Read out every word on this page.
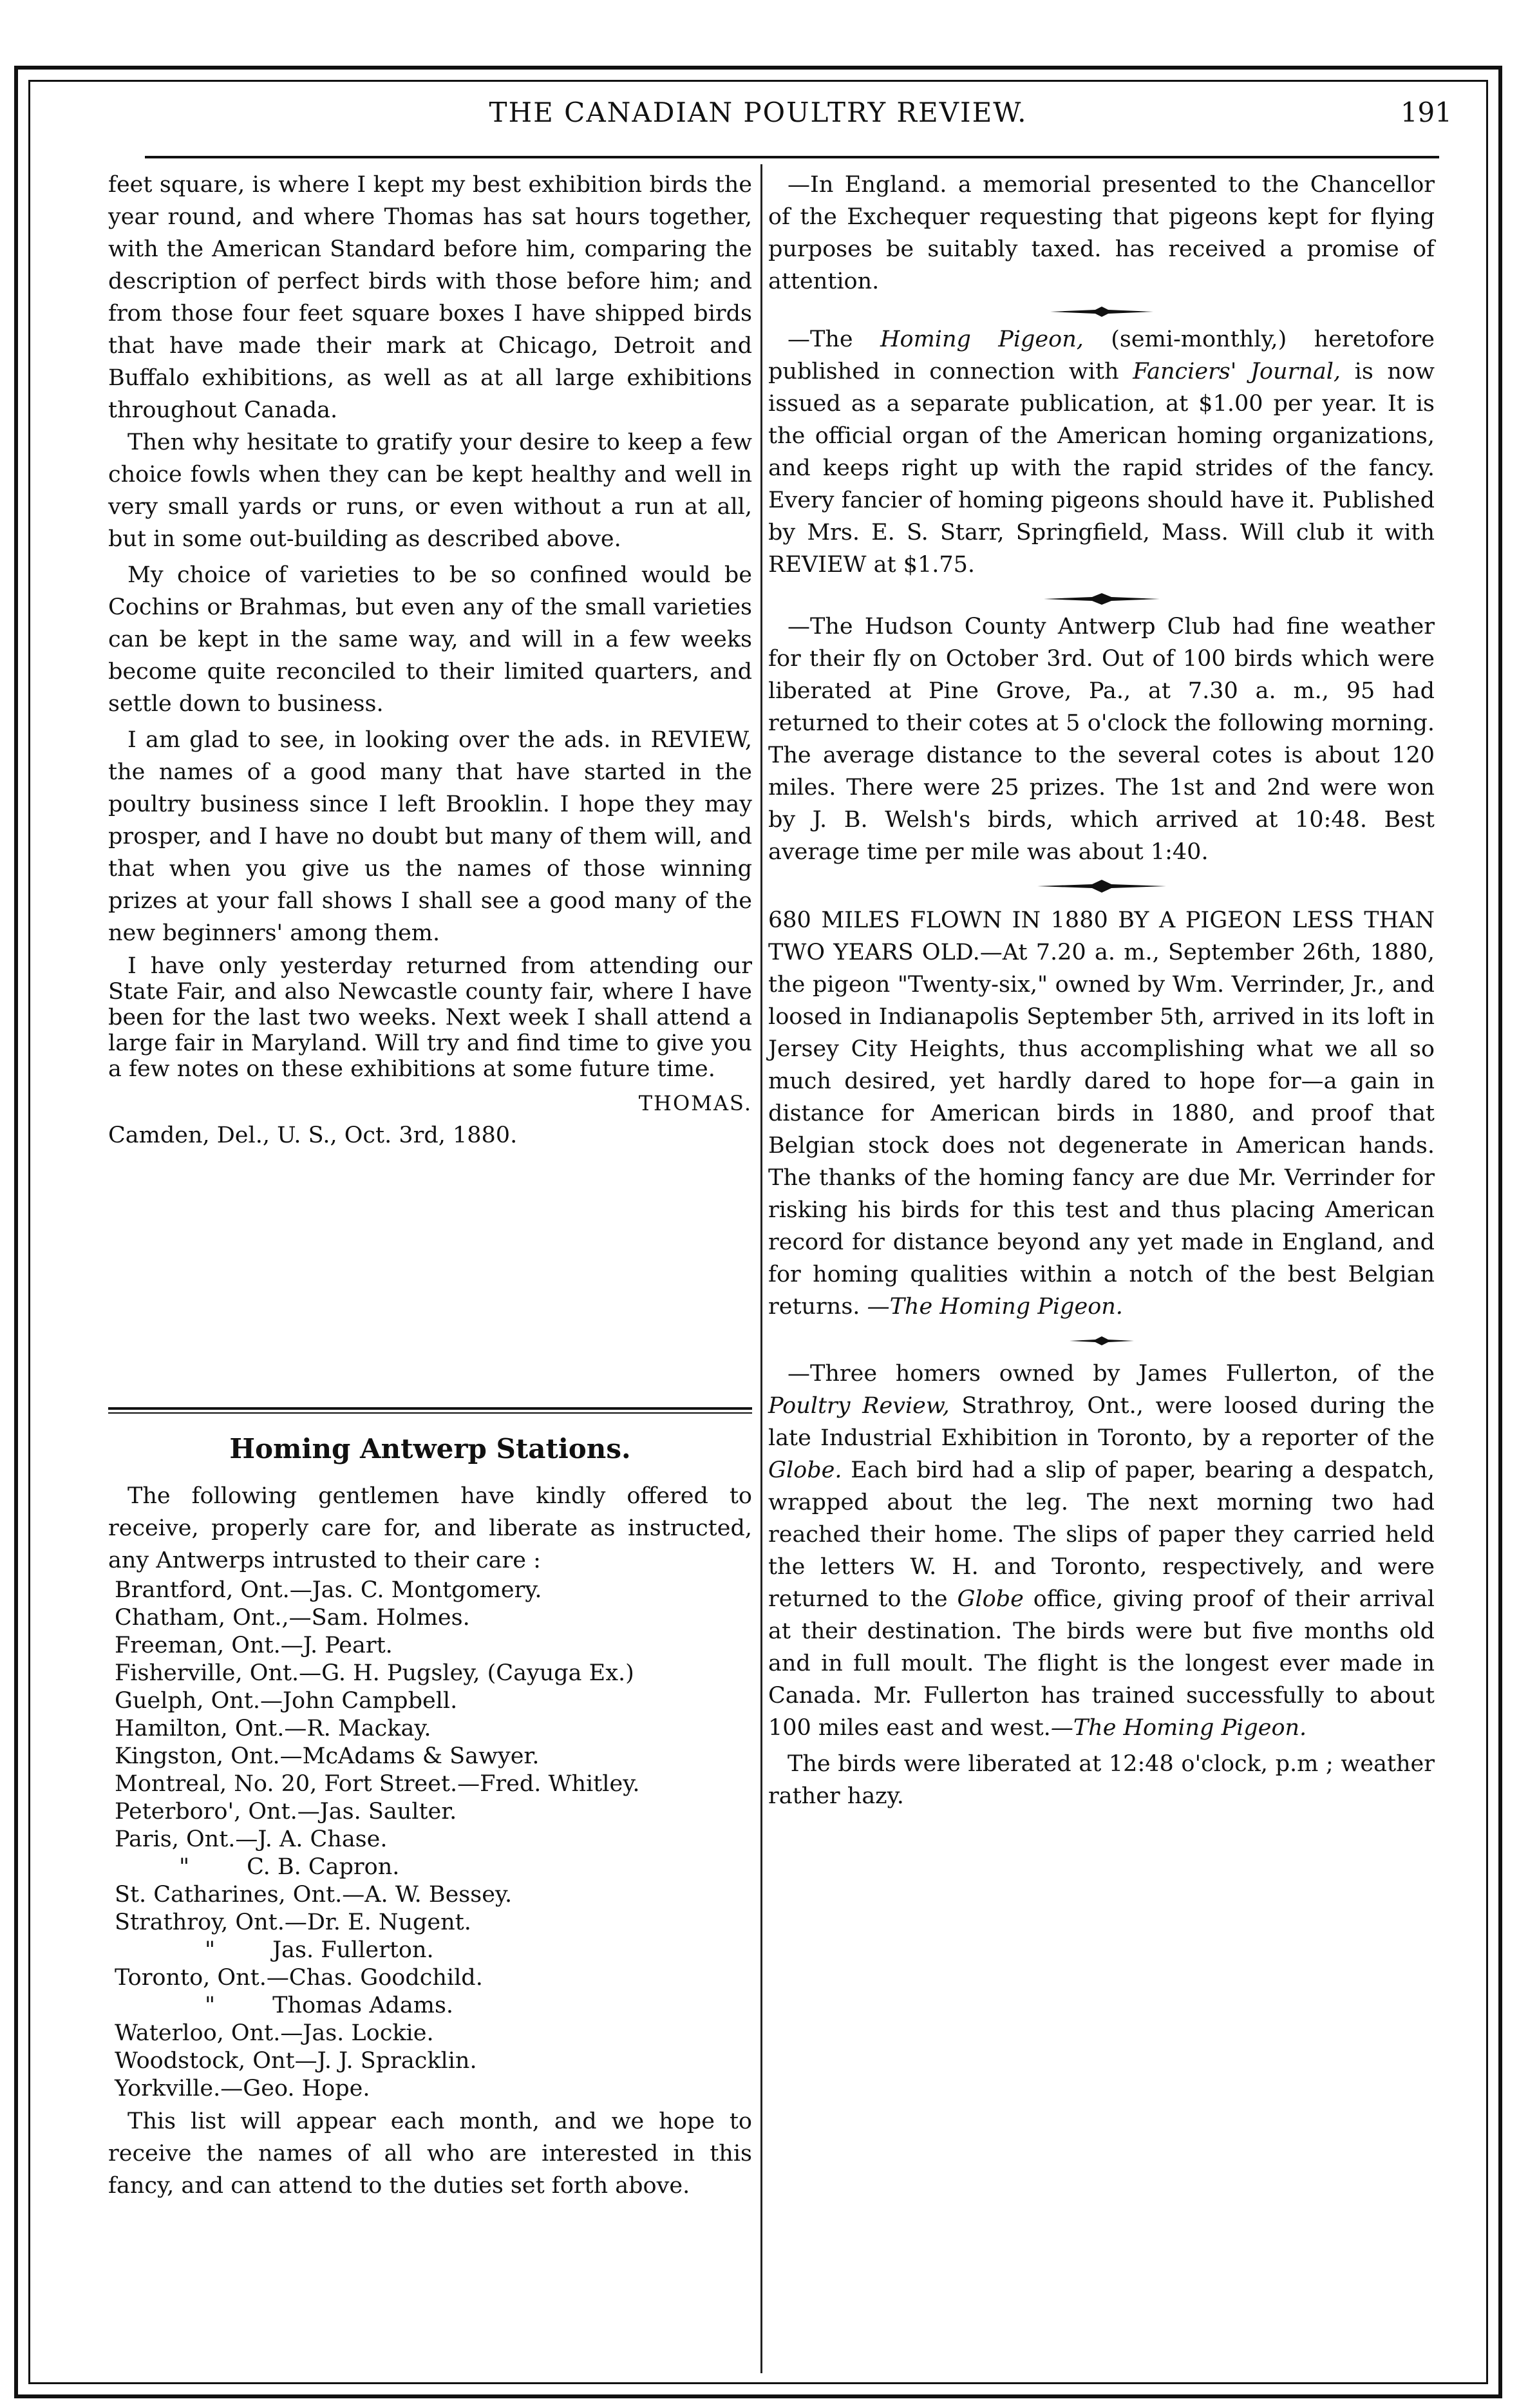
THE CANADIAN POULTRY REVIEW.	191

feet square, is where I kept my best exhibition birds the year round, and where Thomas has sat hours together, with the American Standard before him, comparing the description of perfect birds with those before him; and from those four feet square boxes I have shipped birds that have made their mark at Chicago, Detroit and Buffalo exhibitions, as well as at all large exhibitions throughout Canada.

Then why hesitate to gratify your desire to keep a few choice fowls when they can be kept healthy and well in very small yards or runs, or even without a run at all, but in some out-building as described above.

My choice of varieties to be so confined would be Cochins or Brahmas, but even any of the small varieties can be kept in the same way, and will in a few weeks become quite reconciled to their limited quarters, and settle down to business.

I am glad to see, in looking over the ads. in REVIEW, the names of a good many that have started in the poultry business since I left Brooklin. I hope they may prosper, and I have no doubt but many of them will, and that when you give us the names of those winning prizes at your fall shows I shall see a good many of the new beginners' among them.

I have only yesterday returned from attending our State Fair, and also Newcastle county fair, where I have been for the last two weeks. Next week I shall attend a large fair in Maryland. Will try and find time to give you a few notes on these exhibitions at some future time.

THOMAS.

Camden, Del., U. S., Oct. 3rd, 1880.

Homing Antwerp Stations.

The following gentlemen have kindly offered to receive, properly care for, and liberate as instructed, any Antwerps intrusted to their care :

Brantford, Ont.—Jas. C. Montgomery.

Chatham, Ont.,—Sam. Holmes.

Freeman, Ont.—J. Peart.

Fisherville, Ont.—G. H. Pugsley, (Cayuga Ex.)

Guelph, Ont.—John Campbell.

Hamilton, Ont.—R. Mackay.

Kingston, Ont.—McAdams & Sawyer.

Montreal, No. 20, Fort Street.—Fred. Whitley.

Peterboro', Ont.—Jas. Saulter.

Paris, Ont.—J. A. Chase.

"        C. B. Capron.

St. Catharines, Ont.—A. W. Bessey.

Strathroy, Ont.—Dr. E. Nugent.

"        Jas. Fullerton.

Toronto, Ont.—Chas. Goodchild.

"        Thomas Adams.

Waterloo, Ont.—Jas. Lockie.

Woodstock, Ont—J. J. Spracklin.

Yorkville.—Geo. Hope.

This list will appear each month, and we hope to receive the names of all who are interested in this fancy, and can attend to the duties set forth above.

—In England. a memorial presented to the Chancellor of the Exchequer requesting that pigeons kept for flying purposes be suitably taxed. has received a promise of attention.

—The Homing Pigeon, (semi-monthly,) heretofore published in connection with Fanciers' Journal, is now issued as a separate publication, at $1.00 per year. It is the official organ of the American homing organizations, and keeps right up with the rapid strides of the fancy. Every fancier of homing pigeons should have it. Published by Mrs. E. S. Starr, Springfield, Mass. Will club it with REVIEW at $1.75.

—The Hudson County Antwerp Club had fine weather for their fly on October 3rd. Out of 100 birds which were liberated at Pine Grove, Pa., at 7.30 a. m., 95 had returned to their cotes at 5 o'clock the following morning. The average distance to the several cotes is about 120 miles. There were 25 prizes. The 1st and 2nd were won by J. B. Welsh's birds, which arrived at 10:48. Best average time per mile was about 1:40.

680 MILES FLOWN IN 1880 BY A PIGEON LESS THAN TWO YEARS OLD.—At 7.20 a. m., September 26th, 1880, the pigeon "Twenty-six," owned by Wm. Verrinder, Jr., and loosed in Indianapolis September 5th, arrived in its loft in Jersey City Heights, thus accomplishing what we all so much desired, yet hardly dared to hope for—a gain in distance for American birds in 1880, and proof that Belgian stock does not degenerate in American hands. The thanks of the homing fancy are due Mr. Verrinder for risking his birds for this test and thus placing American record for distance beyond any yet made in England, and for homing qualities within a notch of the best Belgian returns. —The Homing Pigeon.

—Three homers owned by James Fullerton, of the Poultry Review, Strathroy, Ont., were loosed during the late Industrial Exhibition in Toronto, by a reporter of the Globe. Each bird had a slip of paper, bearing a despatch, wrapped about the leg. The next morning two had reached their home. The slips of paper they carried held the letters W. H. and Toronto, respectively, and were returned to the Globe office, giving proof of their arrival at their destination. The birds were but five months old and in full moult. The flight is the longest ever made in Canada. Mr. Fullerton has trained successfully to about 100 miles east and west.—The Homing Pigeon.

The birds were liberated at 12:48 o'clock, p.m ; weather rather hazy.
